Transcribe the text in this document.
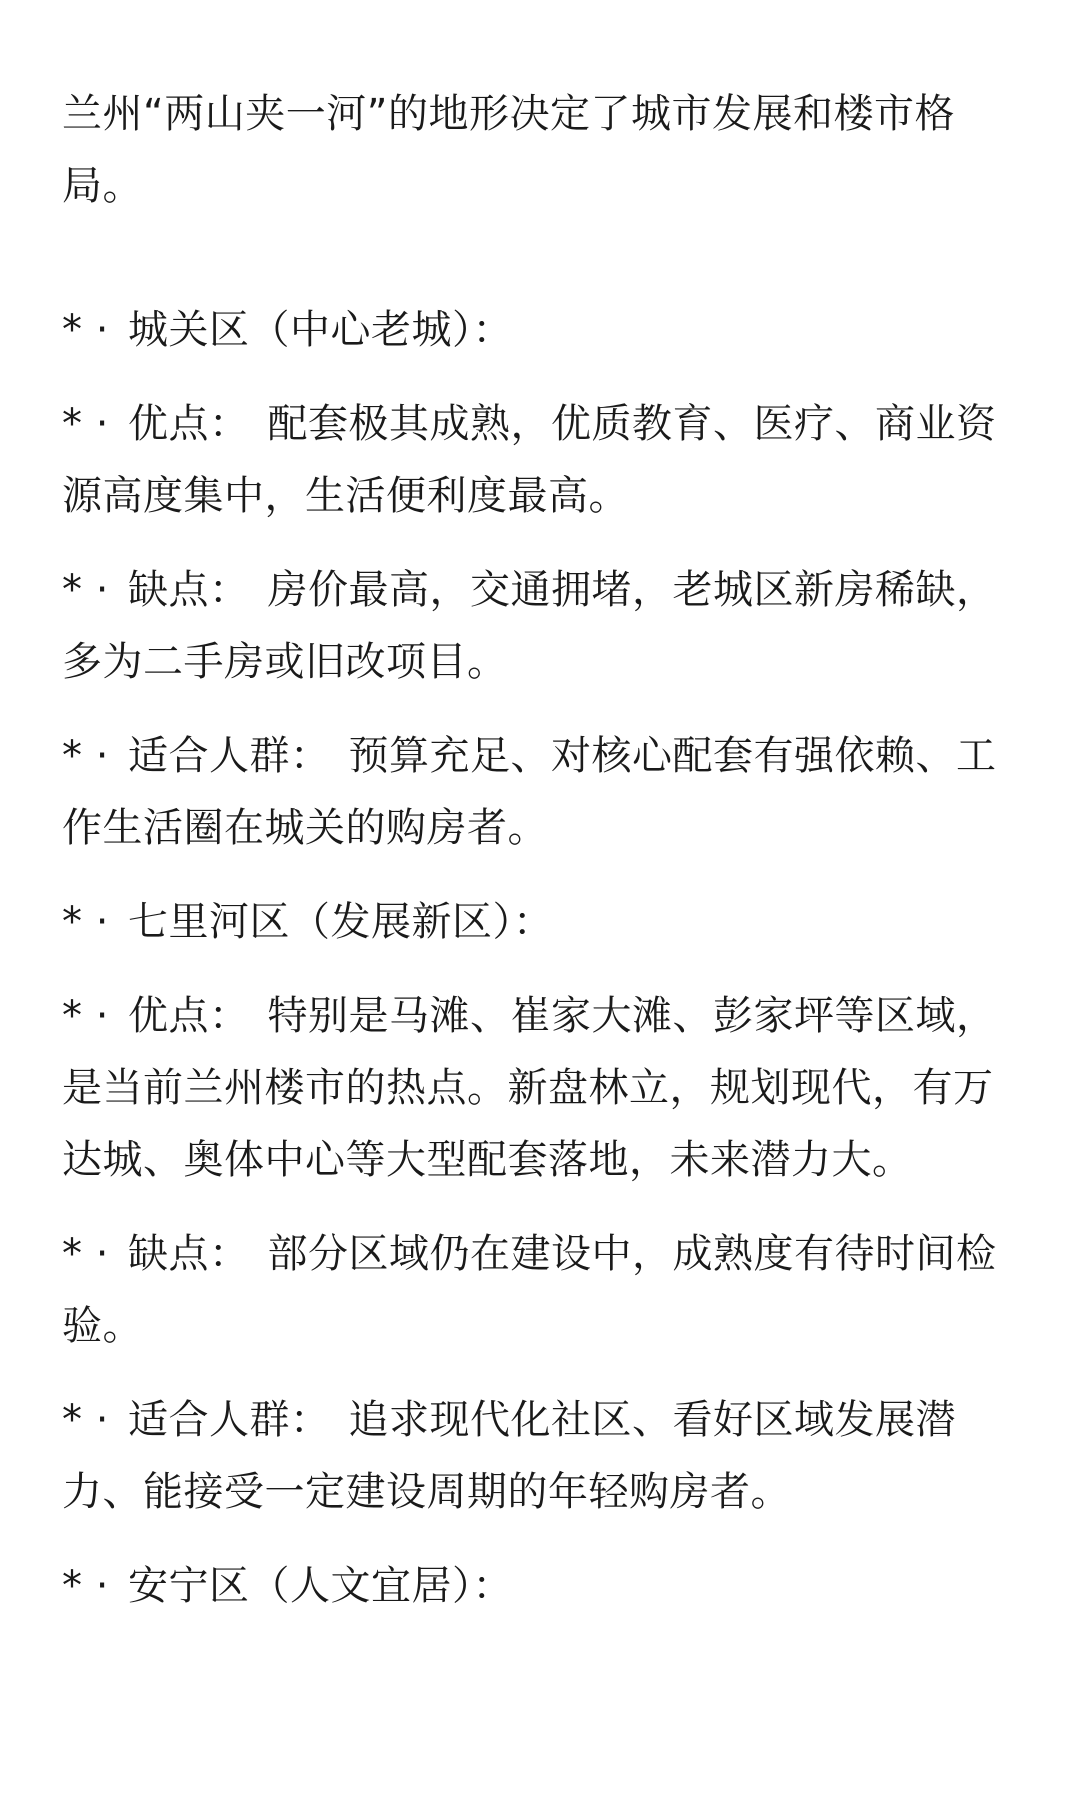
兰州“两山夹一河”的地形决定了城市发展和楼市格局。

* · 城关区（中心老城）：

* · 优点： 配套极其成熟，优质教育、医疗、商业资源高度集中，生活便利度最高。

* · 缺点： 房价最高，交通拥堵，老城区新房稀缺，多为二手房或旧改项目。

* · 适合人群： 预算充足、对核心配套有强依赖、工作生活圈在城关的购房者。

* · 七里河区（发展新区）：

* · 优点： 特别是马滩、崔家大滩、彭家坪等区域，是当前兰州楼市的热点。新盘林立，规划现代，有万达城、奥体中心等大型配套落地，未来潜力大。

* · 缺点： 部分区域仍在建设中，成熟度有待时间检验。

* · 适合人群： 追求现代化社区、看好区域发展潜力、能接受一定建设周期的年轻购房者。

* · 安宁区（人文宜居）：
